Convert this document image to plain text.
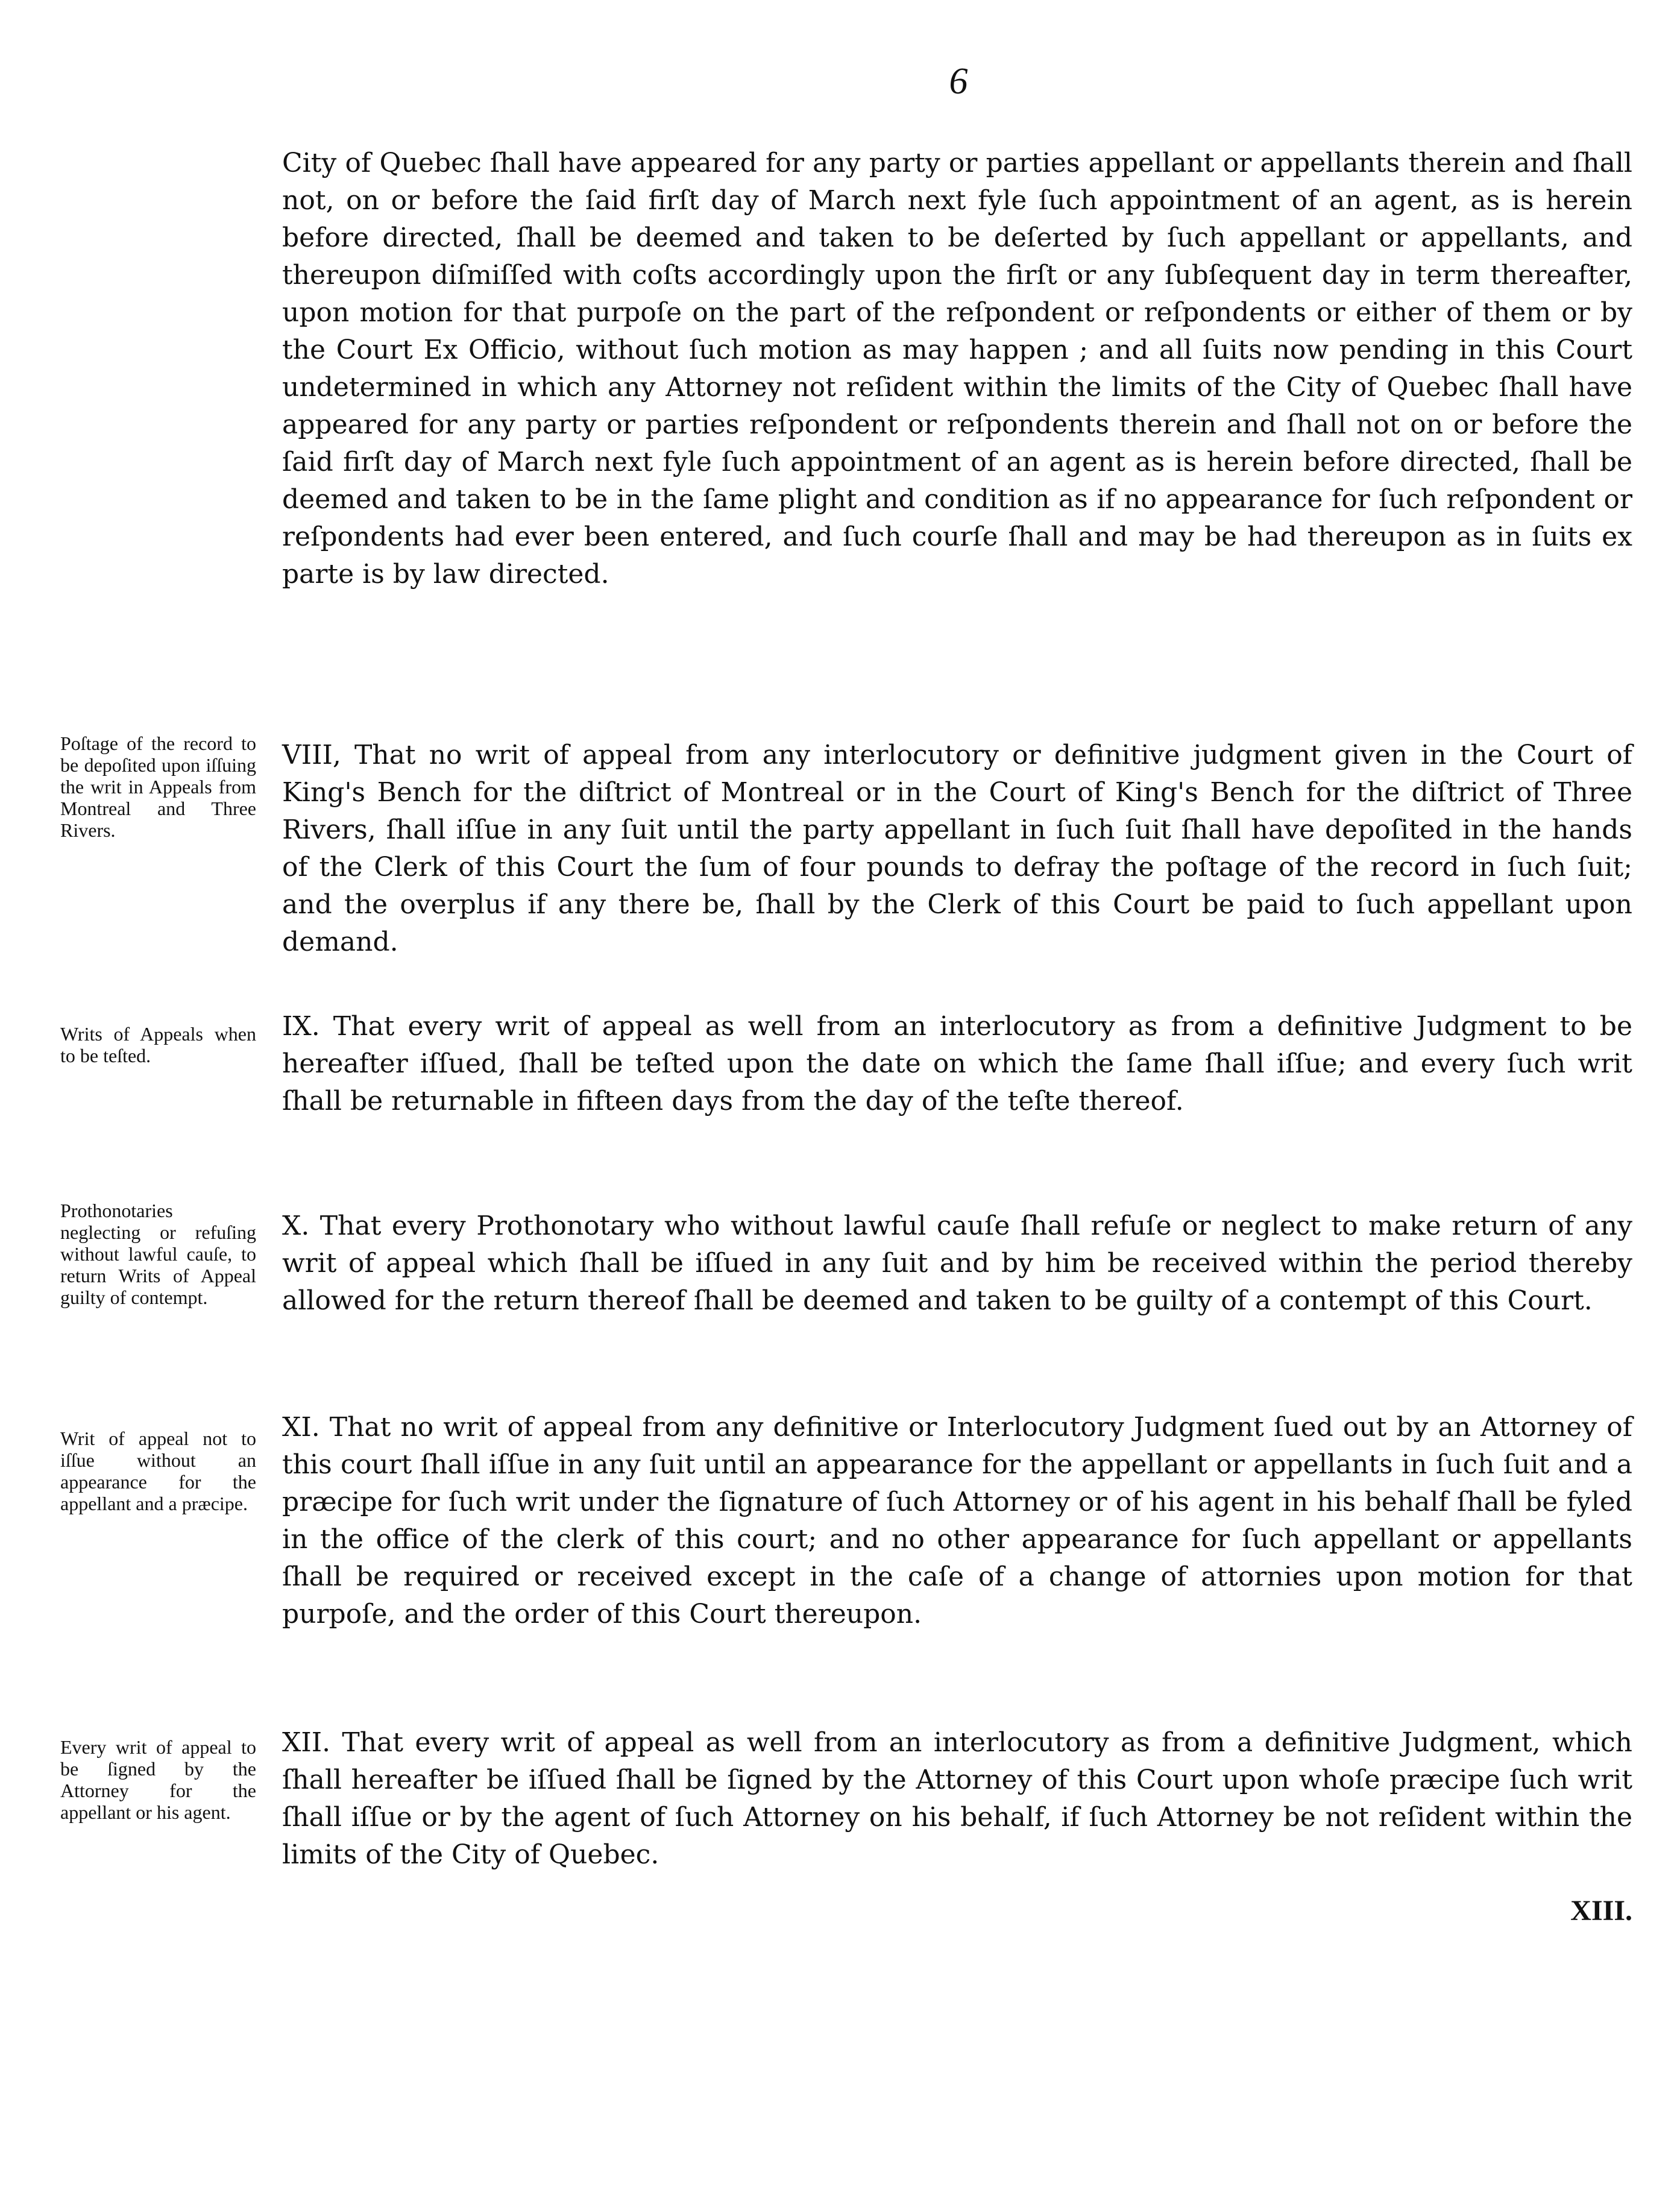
6
City of Quebec ſhall have appeared for any party or parties appellant or appellants therein and ſhall not, on or before the ſaid firſt day of March next fyle ſuch appointment of an agent, as is herein before directed, ſhall be deemed and taken to be deſerted by ſuch appellant or appellants, and thereupon diſmiſſed with coſts accordingly upon the firſt or any ſubſequent day in term thereafter, upon motion for that purpoſe on the part of the reſpondent or reſpondents or either of them or by the Court Ex Officio, without ſuch motion as may happen ; and all ſuits now pending in this Court undetermined in which any Attorney not reſident within the limits of the City of Quebec ſhall have appeared for any party or parties reſpondent or reſpondents therein and ſhall not on or before the ſaid firſt day of March next fyle ſuch appointment of an agent as is herein before directed, ſhall be deemed and taken to be in the ſame plight and condition as if no appearance for ſuch reſpondent or reſpondents had ever been entered, and ſuch courſe ſhall and may be had thereupon as in ſuits ex parte is by law directed.
Poſtage of the record to be depoſited upon iſſuing the writ in Appeals from Montreal and Three Rivers.
VIII, That no writ of appeal from any interlocutory or definitive judgment given in the Court of King's Bench for the diſtrict of Montreal or in the Court of King's Bench for the diſtrict of Three Rivers, ſhall iſſue in any ſuit until the party appellant in ſuch ſuit ſhall have depoſited in the hands of the Clerk of this Court the ſum of four pounds to defray the poſtage of the record in ſuch ſuit; and the overplus if any there be, ſhall by the Clerk of this Court be paid to ſuch appellant upon demand.
Writs of Appeals when to be teſted.
IX. That every writ of appeal as well from an interlocutory as from a definitive Judgment to be hereafter iſſued, ſhall be teſted upon the date on which the ſame ſhall iſſue; and every ſuch writ ſhall be returnable in fifteen days from the day of the teſte thereof.
Prothonotaries neglecting or refuſing without lawful cauſe, to return Writs of Appeal guilty of contempt.
X. That every Prothonotary who without lawful cauſe ſhall refuſe or neglect to make return of any writ of appeal which ſhall be iſſued in any ſuit and by him be received within the period thereby allowed for the return thereof ſhall be deemed and taken to be guilty of a contempt of this Court.
Writ of appeal not to iſſue without an appearance for the appellant and a præcipe.
XI. That no writ of appeal from any definitive or Interlocutory Judgment ſued out by an Attorney of this court ſhall iſſue in any ſuit until an appearance for the appellant or appellants in ſuch ſuit and a præcipe for ſuch writ under the ſignature of ſuch Attorney or of his agent in his behalf ſhall be fyled in the office of the clerk of this court; and no other appearance for ſuch appellant or appellants ſhall be required or received except in the caſe of a change of attornies upon motion for that purpoſe, and the order of this Court thereupon.
Every writ of appeal to be ſigned by the Attorney for the appellant or his agent.
XII. That every writ of appeal as well from an interlocutory as from a definitive Judgment, which ſhall hereafter be iſſued ſhall be ſigned by the Attorney of this Court upon whoſe præcipe ſuch writ ſhall iſſue or by the agent of ſuch Attorney on his behalf, if ſuch Attorney be not reſident within the limits of the City of Quebec.
XIII.
